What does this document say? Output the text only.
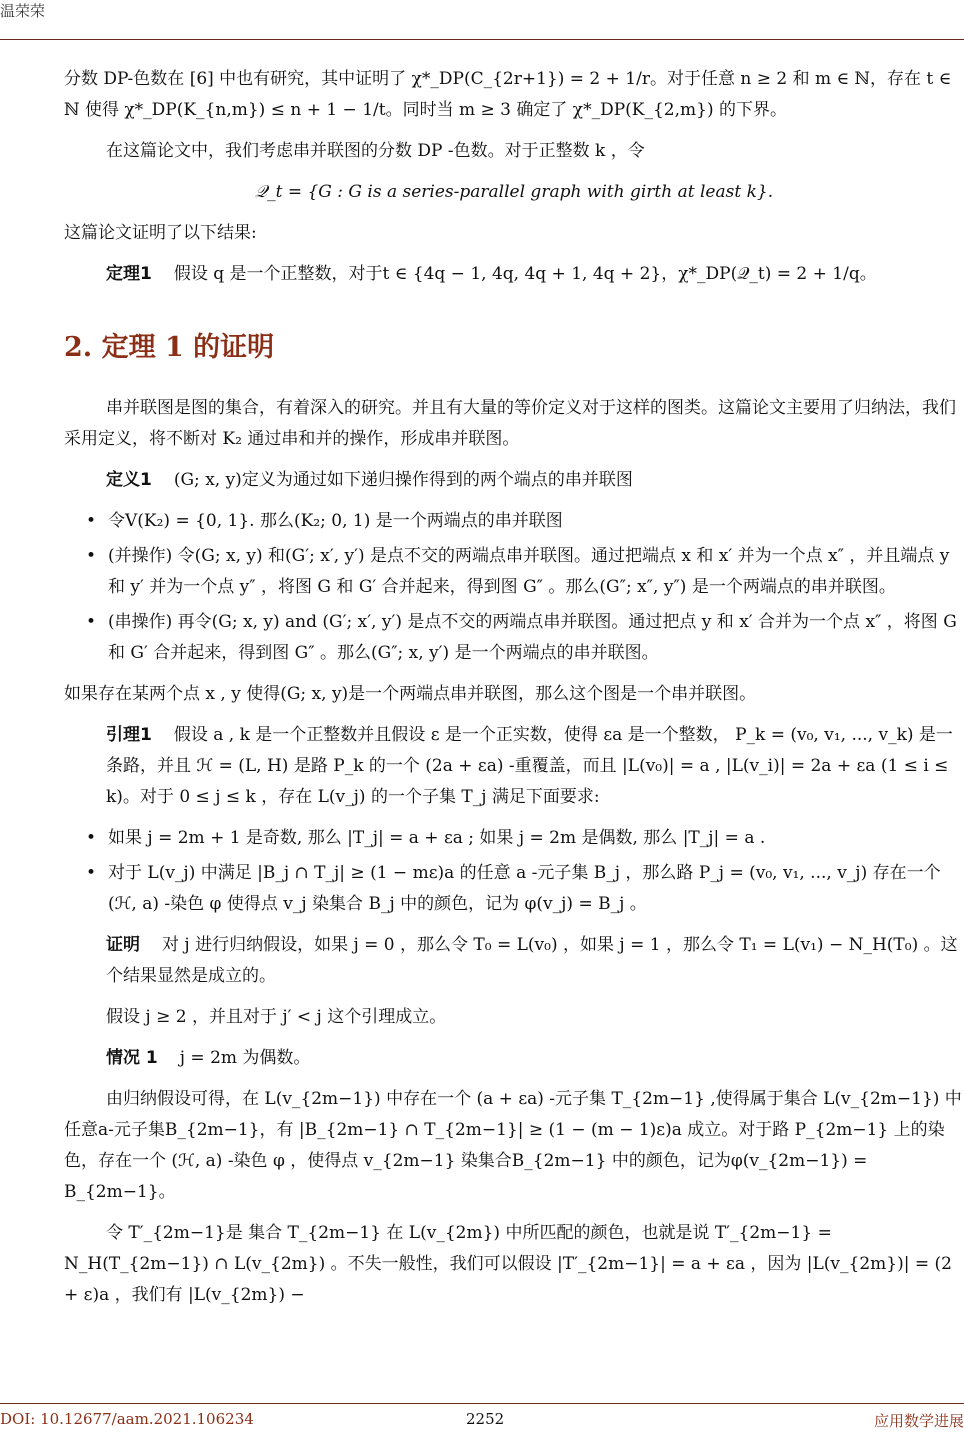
温荣荣

分数 DP-色数在 [6] 中也有研究，其中证明了 χ*_DP(C_{2r+1}) = 2 + 1/r。对于任意 n ≥ 2 和 m ∈ ℕ，存在 t ∈ ℕ 使得 χ*_DP(K_{n,m}) ≤ n + 1 − 1/t。同时当 m ≥ 3 确定了 χ*_DP(K_{2,m}) 的下界。

在这篇论文中，我们考虑串并联图的分数 DP -色数。对于正整数 k ，令

𝒬_t = {G : G is a series-parallel graph with girth at least k}.

这篇论文证明了以下结果:

定理1 假设 q 是一个正整数，对于t ∈ {4q − 1, 4q, 4q + 1, 4q + 2}，χ*_DP(𝒬_t) = 2 + 1/q。

2. 定理 1 的证明

串并联图是图的集合，有着深入的研究。并且有大量的等价定义对于这样的图类。这篇论文主要用了归纳法，我们采用定义，将不断对 K₂ 通过串和并的操作，形成串并联图。

定义1 (G; x, y)定义为通过如下递归操作得到的两个端点的串并联图

• 令V(K₂) = {0, 1}. 那么(K₂; 0, 1) 是一个两端点的串并联图
• (并操作) 令(G; x, y) 和(G′; x′, y′) 是点不交的两端点串并联图。通过把端点 x 和 x′ 并为一个点 x″ ，并且端点 y 和 y′ 并为一个点 y″ ，将图 G 和 G′ 合并起来，得到图 G″ 。那么(G″; x″, y″) 是一个两端点的串并联图。
• (串操作) 再令(G; x, y) and (G′; x′, y′) 是点不交的两端点串并联图。通过把点 y 和 x′ 合并为一个点 x″ ，将图 G 和 G′ 合并起来，得到图 G″ 。那么(G″; x, y′) 是一个两端点的串并联图。

如果存在某两个点 x , y 使得(G; x, y)是一个两端点串并联图，那么这个图是一个串并联图。

引理1 假设 a , k 是一个正整数并且假设 ε 是一个正实数，使得 εa 是一个整数， P_k = (v₀, v₁, ..., v_k) 是一条路，并且 ℋ = (L, H) 是路 P_k 的一个 (2a + εa) -重覆盖，而且 |L(v₀)| = a , |L(v_i)| = 2a + εa (1 ≤ i ≤ k)。对于 0 ≤ j ≤ k ，存在 L(v_j) 的一个子集 T_j 满足下面要求:

• 如果 j = 2m + 1 是奇数, 那么 |T_j| = a + εa ; 如果 j = 2m 是偶数, 那么 |T_j| = a .
• 对于 L(v_j) 中满足 |B_j ∩ T_j| ≥ (1 − mε)a 的任意 a -元子集 B_j ，那么路 P_j = (v₀, v₁, ..., v_j) 存在一个 (ℋ, a) -染色 φ 使得点 v_j 染集合 B_j 中的颜色，记为 φ(v_j) = B_j 。

证明 对 j 进行归纳假设，如果 j = 0 ，那么令 T₀ = L(v₀) ，如果 j = 1 ，那么令 T₁ = L(v₁) − N_H(T₀) 。这个结果显然是成立的。

假设 j ≥ 2 ，并且对于 j′ < j 这个引理成立。

情况 1 j = 2m 为偶数。

由归纳假设可得，在 L(v_{2m−1}) 中存在一个 (a + εa) -元子集 T_{2m−1} ,使得属于集合 L(v_{2m−1}) 中任意a-元子集B_{2m−1}，有 |B_{2m−1} ∩ T_{2m−1}| ≥ (1 − (m − 1)ε)a 成立。对于路 P_{2m−1} 上的染色，存在一个 (ℋ, a) -染色 φ ，使得点 v_{2m−1} 染集合B_{2m−1} 中的颜色，记为φ(v_{2m−1}) = B_{2m−1}。

令 T′_{2m−1}是 集合 T_{2m−1} 在 L(v_{2m}) 中所匹配的颜色，也就是说 T′_{2m−1} = N_H(T_{2m−1}) ∩ L(v_{2m}) 。不失一般性，我们可以假设 |T′_{2m−1}| = a + εa ，因为 |L(v_{2m})| = (2 + ε)a ，我们有 |L(v_{2m}) −

DOI: 10.12677/aam.2021.106234	2252	应用数学进展
